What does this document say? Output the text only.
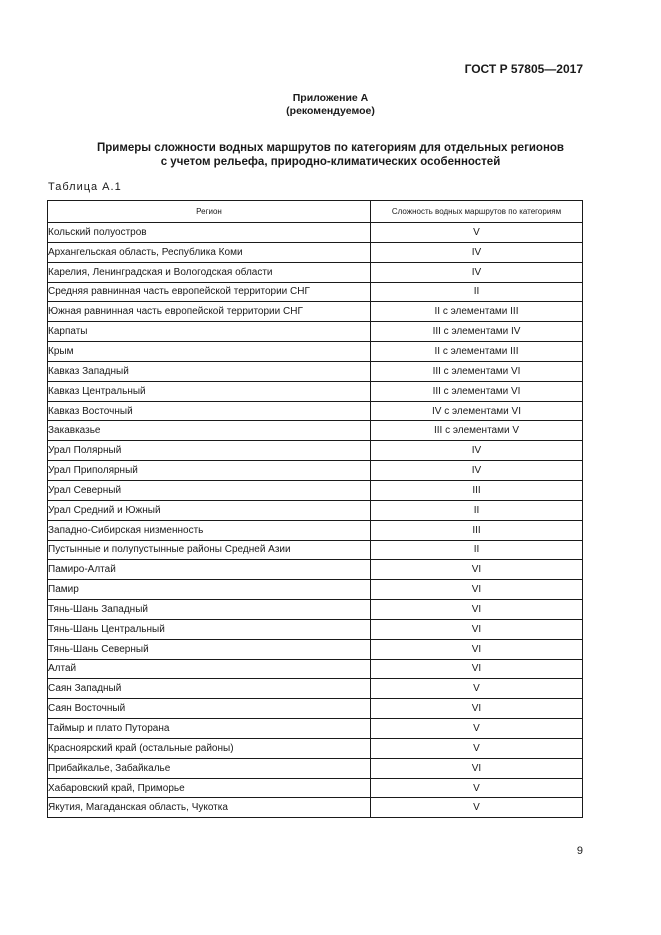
ГОСТ Р 57805—2017
Приложение А
(рекомендуемое)
Примеры сложности водных маршрутов по категориям для отдельных регионов
с учетом рельефа, природно-климатических особенностей
Таблица А.1
Регион	Сложность водных маршрутов по категориям
Кольский полуостров	V
Архангельская область, Республика Коми	IV
Карелия, Ленинградская и Вологодская области	IV
Средняя равнинная часть европейской территории СНГ	II
Южная равнинная часть европейской территории СНГ	II с элементами III
Карпаты	III с элементами IV
Крым	II с элементами III
Кавказ Западный	III с элементами VI
Кавказ Центральный	III с элементами VI
Кавказ Восточный	IV с элементами VI
Закавказье	III с элементами V
Урал Полярный	IV
Урал Приполярный	IV
Урал Северный	III
Урал Средний и Южный	II
Западно-Сибирская низменность	III
Пустынные и полупустынные районы Средней Азии	II
Памиро-Алтай	VI
Памир	VI
Тянь-Шань Западный	VI
Тянь-Шань Центральный	VI
Тянь-Шань Северный	VI
Алтай	VI
Саян Западный	V
Саян Восточный	VI
Таймыр и плато Путорана	V
Красноярский край (остальные районы)	V
Прибайкалье, Забайкалье	VI
Хабаровский край, Приморье	V
Якутия, Магаданская область, Чукотка	V
9
